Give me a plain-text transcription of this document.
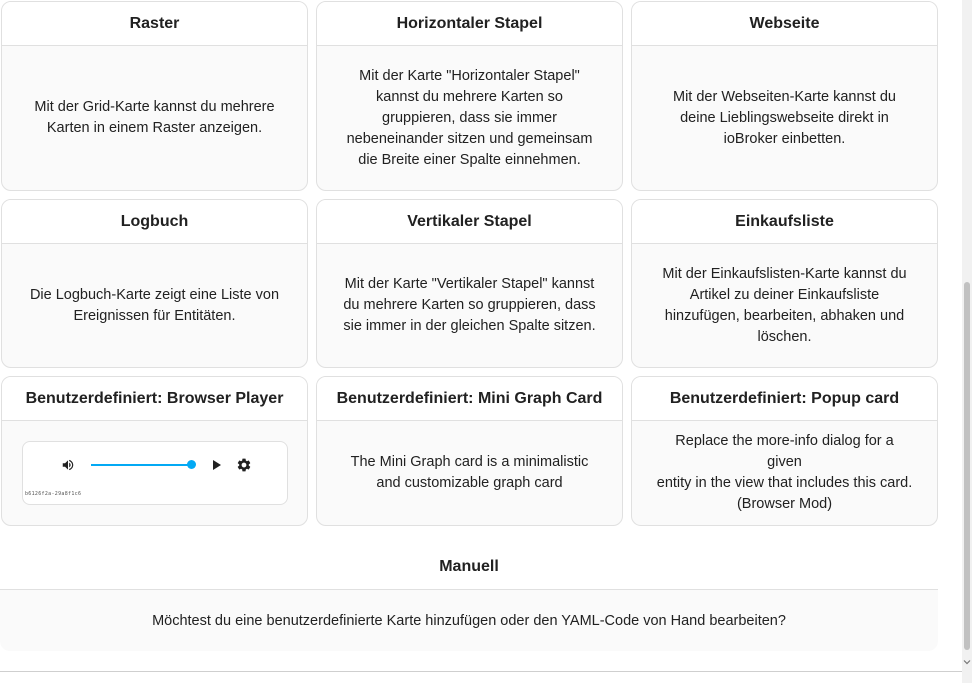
Raster
Mit der Grid-Karte kannst du mehrere
Karten in einem Raster anzeigen.
Horizontaler Stapel
Mit der Karte "Horizontaler Stapel"
kannst du mehrere Karten so
gruppieren, dass sie immer
nebeneinander sitzen und gemeinsam
die Breite einer Spalte einnehmen.
Webseite
Mit der Webseiten-Karte kannst du
deine Lieblingswebseite direkt in
ioBroker einbetten.
Logbuch
Die Logbuch-Karte zeigt eine Liste von
Ereignissen für Entitäten.
Vertikaler Stapel
Mit der Karte "Vertikaler Stapel" kannst
du mehrere Karten so gruppieren, dass
sie immer in der gleichen Spalte sitzen.
Einkaufsliste
Mit der Einkaufslisten-Karte kannst du
Artikel zu deiner Einkaufsliste
hinzufügen, bearbeiten, abhaken und
löschen.
Benutzerdefiniert: Browser Player
b6126f2a-29a8f1c6
Benutzerdefiniert: Mini Graph Card
The Mini Graph card is a minimalistic
and customizable graph card
Benutzerdefiniert: Popup card
Replace the more-info dialog for a given
entity in the view that includes this card.
(Browser Mod)
Manuell
Möchtest du eine benutzerdefinierte Karte hinzufügen oder den YAML-Code von Hand bearbeiten?
